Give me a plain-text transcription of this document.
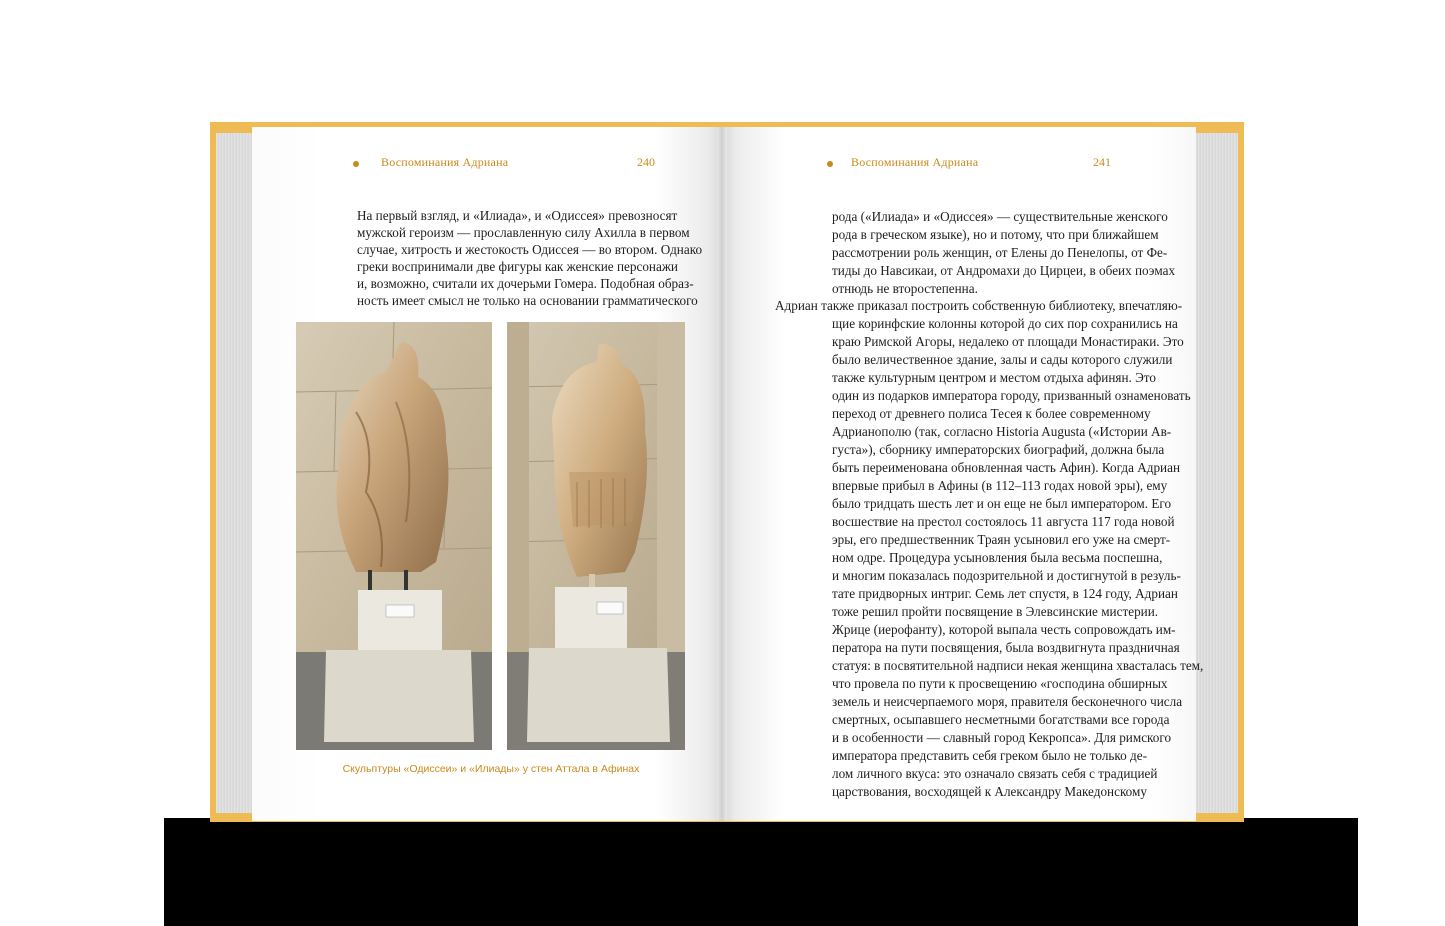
Воспоминания Адриана	240

На первый взгляд, и «Илиада», и «Одиссея» превозносят

мужской героизм — прославленную силу Ахилла в первом

случае, хитрость и жестокость Одиссея — во втором. Однако

греки воспринимали две фигуры как женские персонажи

и, возможно, считали их дочерьми Гомера. Подобная образ-

ность имеет смысл не только на основании грамматического

Скульптуры «Одиссеи» и «Илиады» у стен Аттала в Афинах
Воспоминания Адриана	241

рода («Илиада» и «Одиссея» — существительные женского

рода в греческом языке), но и потому, что при ближайшем

рассмотрении роль женщин, от Елены до Пенелопы, от Фе-

тиды до Навсикаи, от Андромахи до Цирцеи, в обеих поэмах

отнюдь не второстепенна.

Адриан также приказал построить собственную библиотеку, впечатляю-

щие коринфские колонны которой до сих пор сохранились на

краю Римской Агоры, недалеко от площади Монастираки. Это

было величественное здание, залы и сады которого служили

также культурным центром и местом отдыха афинян. Это

один из подарков императора городу, призванный ознаменовать

переход от древнего полиса Тесея к более современному

Адрианополю (так, согласно Historia Augusta («Истории Ав-

густа»), сборнику императорских биографий, должна была

быть переименована обновленная часть Афин). Когда Адриан

впервые прибыл в Афины (в 112–113 годах новой эры), ему

было тридцать шесть лет и он еще не был императором. Его

восшествие на престол состоялось 11 августа 117 года новой

эры, его предшественник Траян усыновил его уже на смерт-

ном одре. Процедура усыновления была весьма поспешна,

и многим показалась подозрительной и достигнутой в резуль-

тате придворных интриг. Семь лет спустя, в 124 году, Адриан

тоже решил пройти посвящение в Элевсинские мистерии.

Жрице (иерофанту), которой выпала честь сопровождать им-

ператора на пути посвящения, была воздвигнута праздничная

статуя: в посвятительной надписи некая женщина хвасталась тем,

что провела по пути к просвещению «господина обширных

земель и неисчерпаемого моря, правителя бесконечного числа

смертных, осыпавшего несметными богатствами все города

и в особенности — славный город Кекропса». Для римского

императора представить себя греком было не только де-

лом личного вкуса: это означало связать себя с традицией

царствования, восходящей к Александру Македонскому
